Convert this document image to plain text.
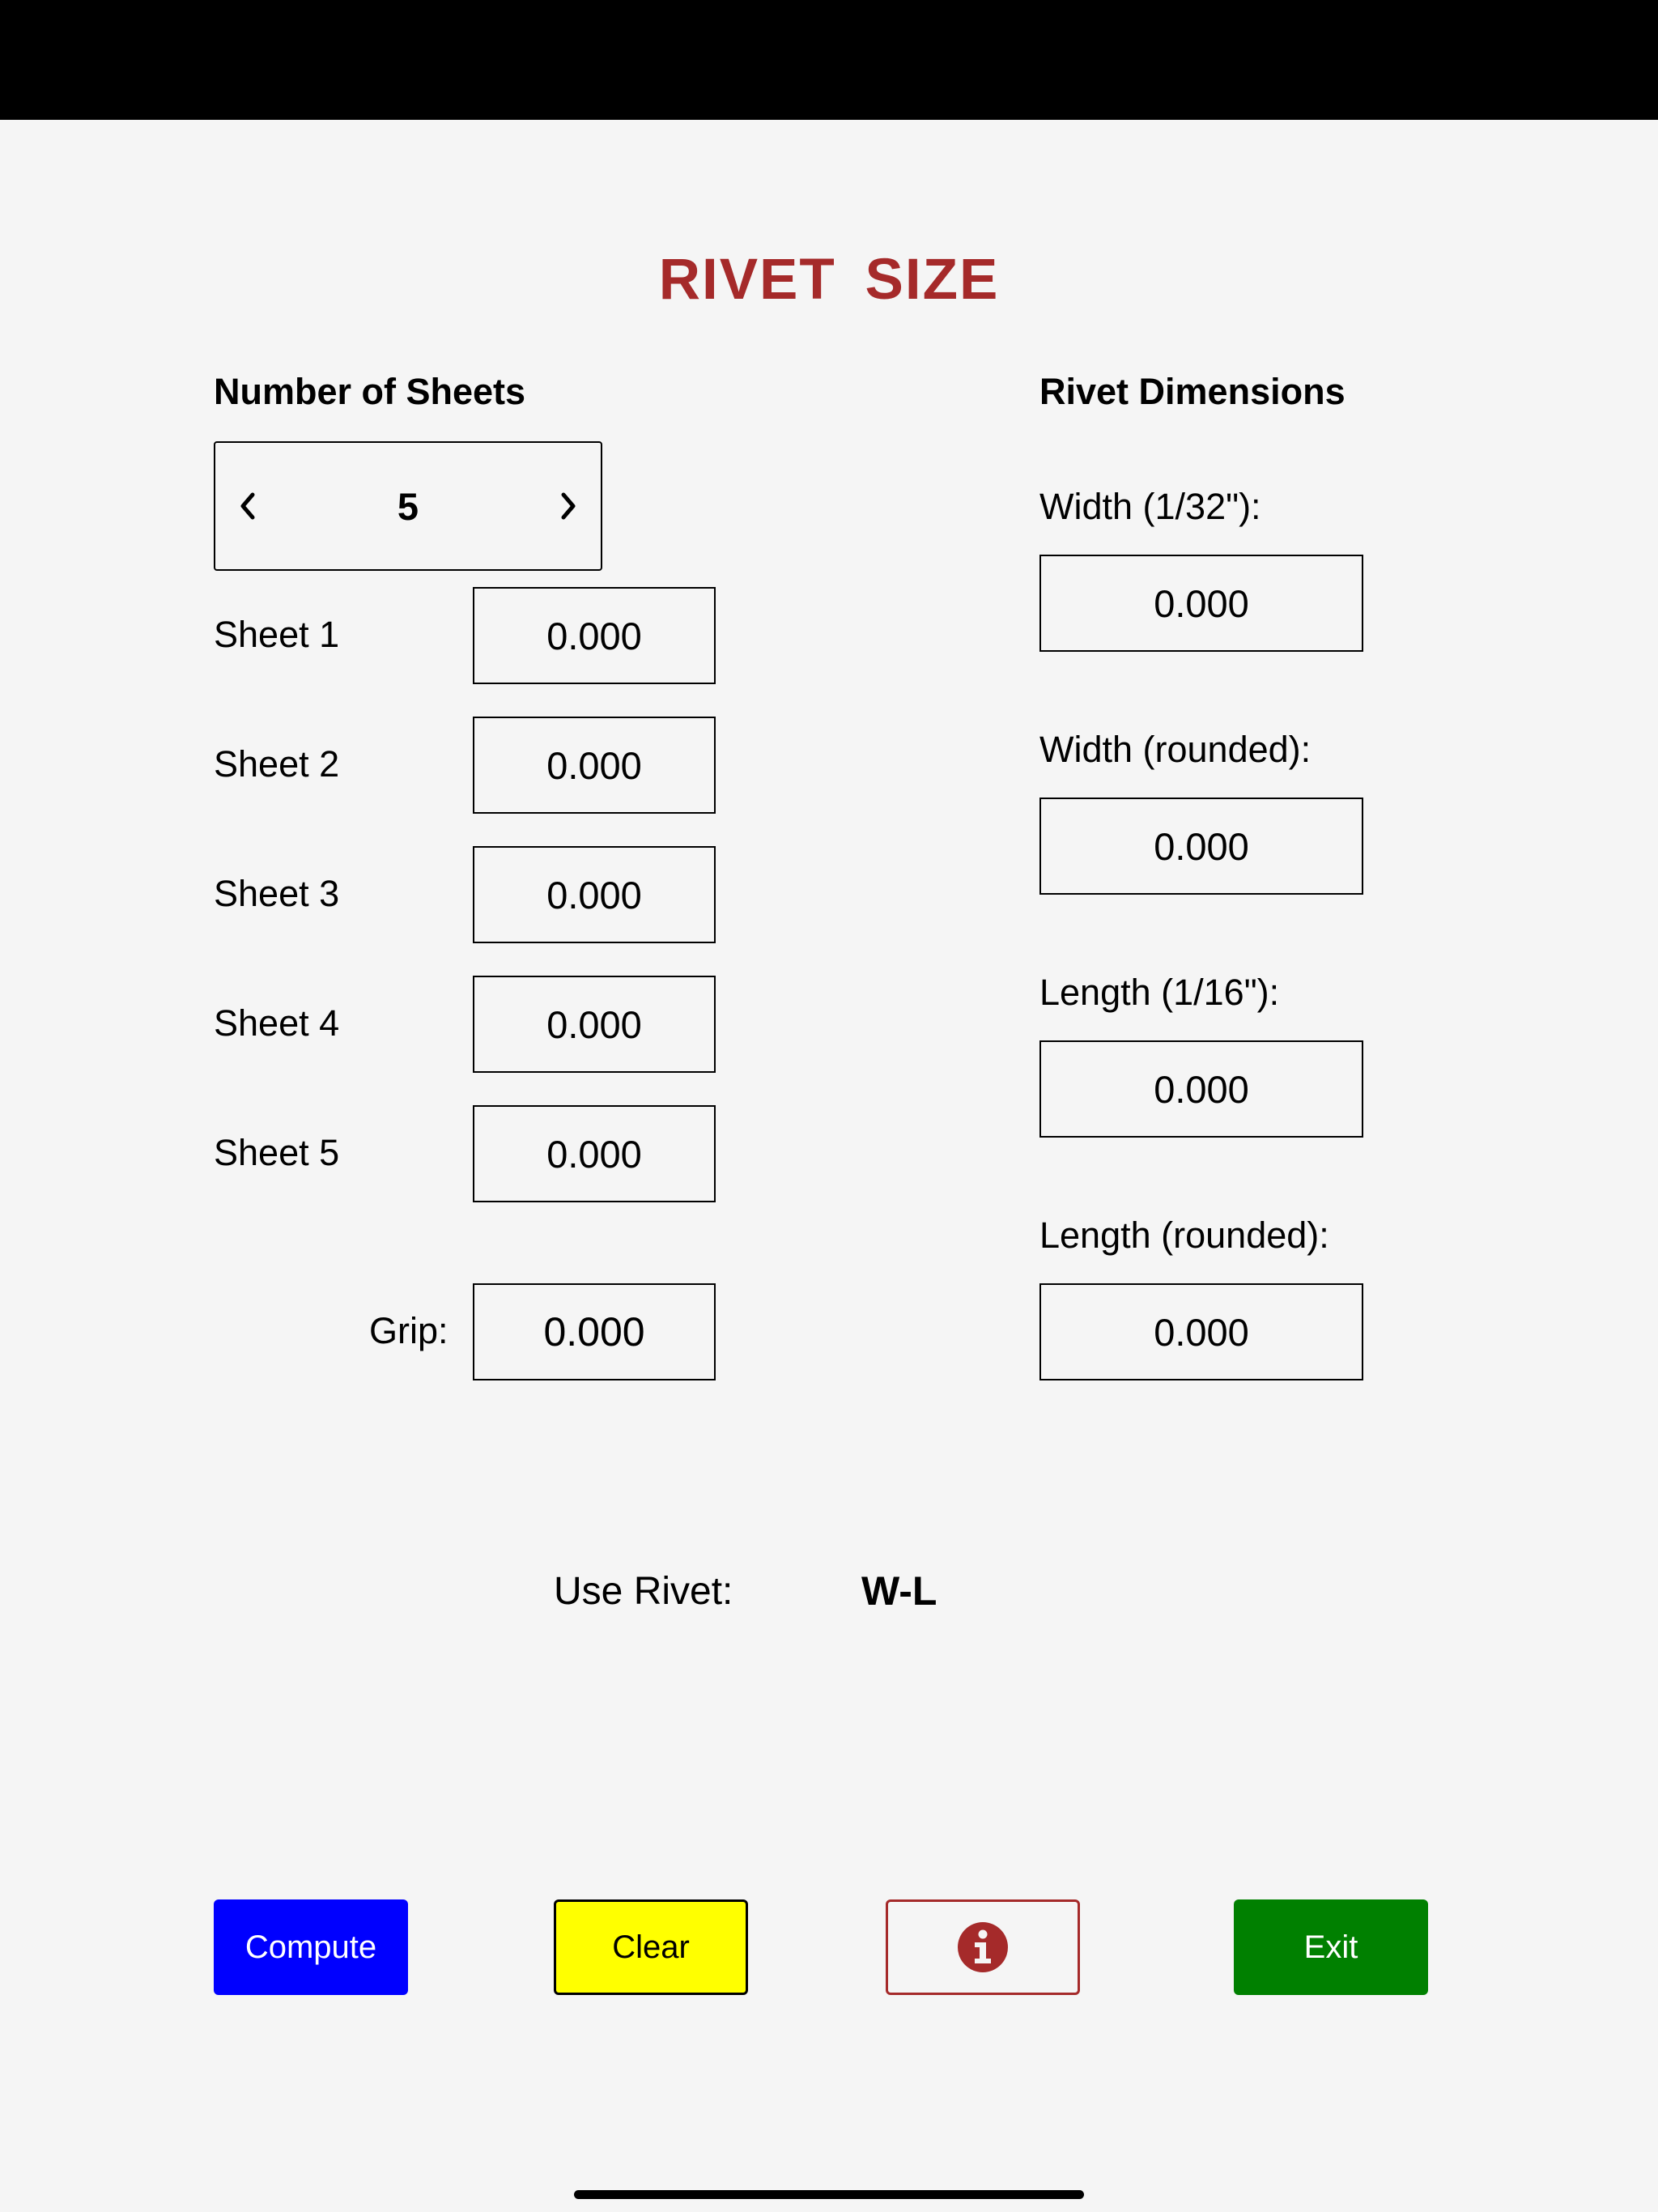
RIVET SIZE
Number of Sheets
5
Sheet 1	0.000
Sheet 2	0.000
Sheet 3	0.000
Sheet 4	0.000
Sheet 5	0.000
Grip:	0.000
Rivet Dimensions
Width (1/32"):
0.000
Width (rounded):
0.000
Length (1/16"):
0.000
Length (rounded):
0.000
Use Rivet:	W-L
Compute	Clear	Exit
